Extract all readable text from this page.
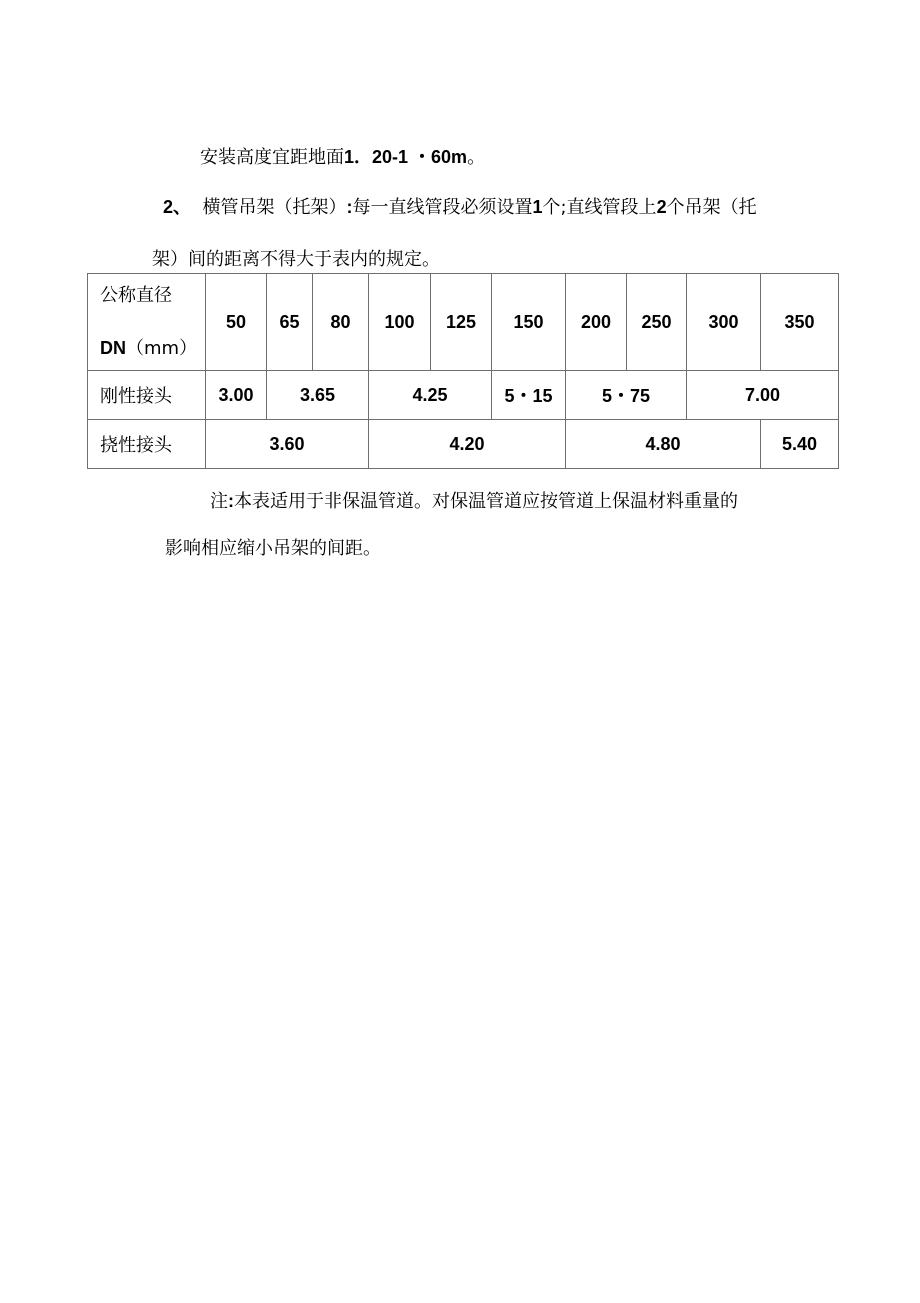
安装高度宜距地面1．20-1 ・60m。
2、 横管吊架（托架）:每一直线管段必须设置1个;直线管段上2个吊架（托
架）间的距离不得大于表内的规定。
公称直径
DN（mm）	50	65	80	100	125	150	200	250	300	350
刚性接头	3.00	3.65		4.25		5・15	5・75		7.00	
挠性接头	3.60			4.20			4.80			5.40
注:本表适用于非保温管道。对保温管道应按管道上保温材料重量的
影响相应缩小吊架的间距。
